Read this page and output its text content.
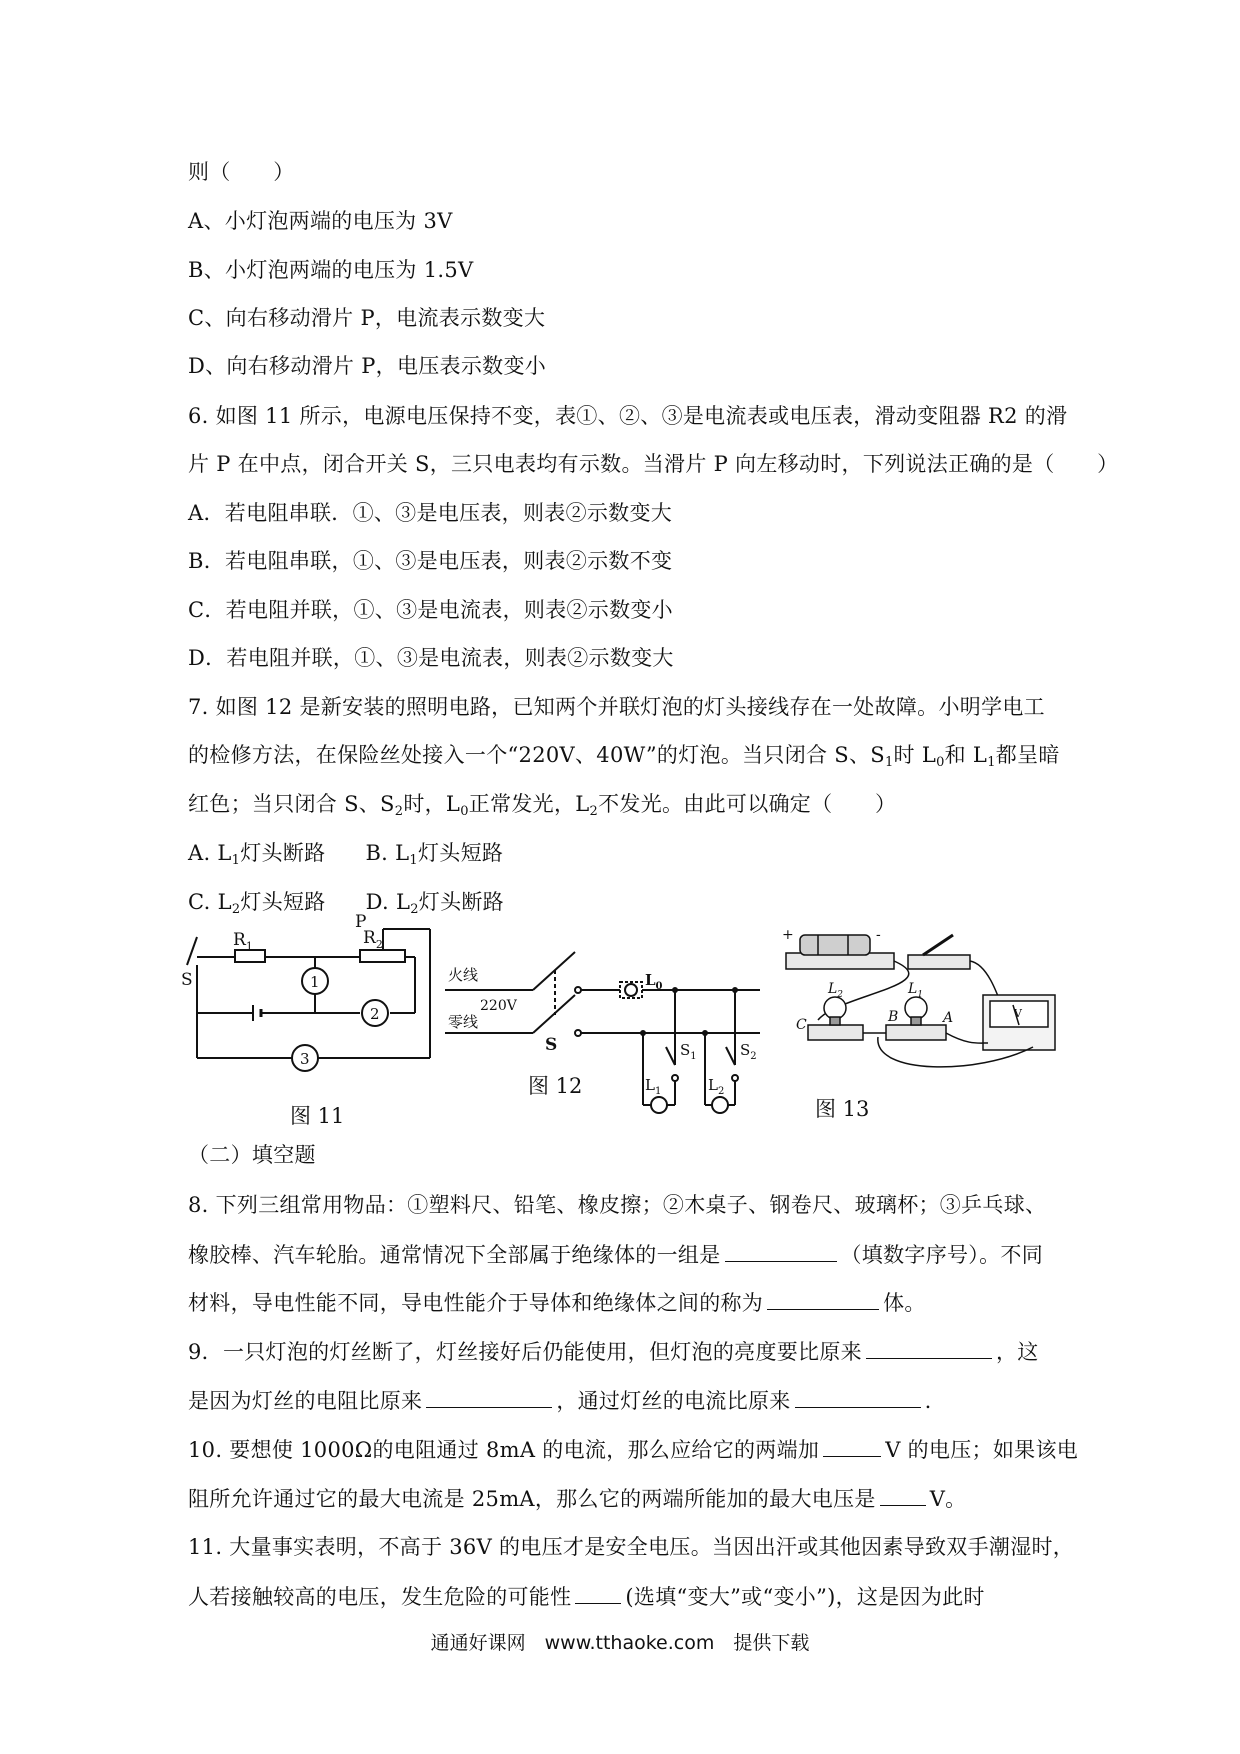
则（　　）
A、小灯泡两端的电压为 3V
B、小灯泡两端的电压为 1.5V
C、向右移动滑片 P，电流表示数变大
D、向右移动滑片 P，电压表示数变小
6. 如图 11 所示，电源电压保持不变，表①、②、③是电流表或电压表，滑动变阻器 R2 的滑
片 P 在中点，闭合开关 S，三只电表均有示数。当滑片 P 向左移动时，下列说法正确的是（　　）
A．若电阻串联．①、③是电压表，则表②示数变大
B．若电阻串联，①、③是电压表，则表②示数不变
C．若电阻并联，①、③是电流表，则表②示数变小
D．若电阻并联，①、③是电流表，则表②示数变大
7. 如图 12 是新安装的照明电路，已知两个并联灯泡的灯头接线存在一处故障。小明学电工
的检修方法，在保险丝处接入一个“220V、40W”的灯泡。当只闭合 S、$S_1$时 $L_0$和 $L_1$都呈暗
红色；当只闭合 S、$S_2$时，$L_0$正常发光，$L_2$不发光。由此可以确定（　　）
A. $L_1$灯头断路 B. $L_1$灯头短路
C. $L_2$灯头短路 D. $L_2$灯头断路
S
$R_1$	$R_2$
P
1
2
3
图 11
火线
零线
220V
S
$L_0$
$S_1$	$S_2$
$L_1$	$L_2$
图 12
+	-
$L_2$	$L_1$
C	B	A	V
图 13
（二）填空题
8. 下列三组常用物品：①塑料尺、铅笔、橡皮擦；②木桌子、钢卷尺、玻璃杯；③乒乓球、
橡胶棒、汽车轮胎。通常情况下全部属于绝缘体的一组是	（填数字序号）。不同
材料，导电性能不同，导电性能介于导体和绝缘体之间的称为	体。
9．一只灯泡的灯丝断了，灯丝接好后仍能使用，但灯泡的亮度要比原来	，这
是因为灯丝的电阻比原来	，通过灯丝的电流比原来	.
10. 要想使 1000Ω的电阻通过 8mA 的电流，那么应给它的两端加	V 的电压；如果该电
阻所允许通过它的最大电流是 25mA，那么它的两端所能加的最大电压是	V。
11. 大量事实表明，不高于 36V 的电压才是安全电压。当因出汗或其他因素导致双手潮湿时，
人若接触较高的电压，发生危险的可能性	(选填“变大”或“变小”)，这是因为此时
通通好课网　www.tthaoke.com　提供下载
